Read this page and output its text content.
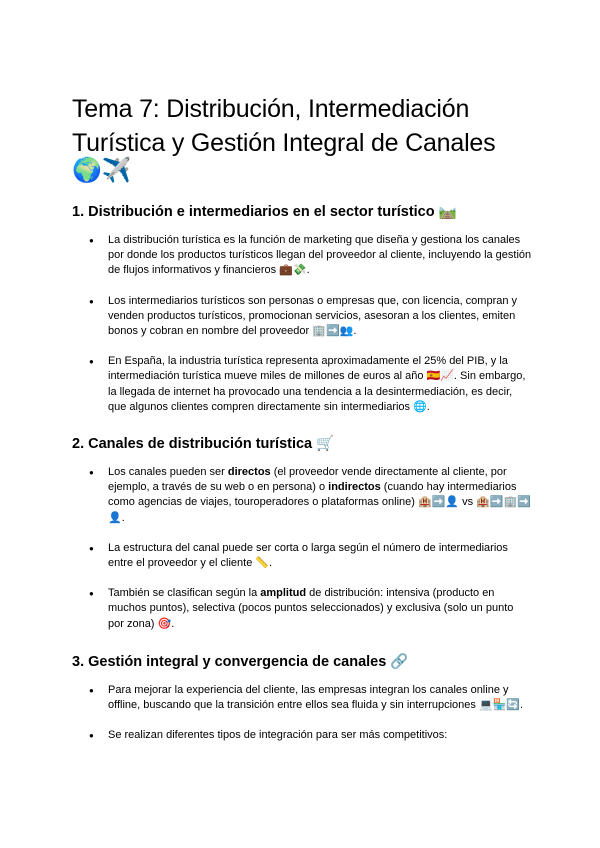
Tema 7: Distribución, Intermediación
Turística y Gestión Integral de Canales
🌍✈️
1. Distribución e intermediarios en el sector turístico 🛤️
● La distribución turística es la función de marketing que diseña y gestiona los canales por donde los productos turísticos llegan del proveedor al cliente, incluyendo la gestión de flujos informativos y financieros 💼💸.
● Los intermediarios turísticos son personas o empresas que, con licencia, compran y venden productos turísticos, promocionan servicios, asesoran a los clientes, emiten bonos y cobran en nombre del proveedor 🏢➡️👥.
● En España, la industria turística representa aproximadamente el 25% del PIB, y la intermediación turística mueve miles de millones de euros al año 🇪🇸📈. Sin embargo, la llegada de internet ha provocado una tendencia a la desintermediación, es decir, que algunos clientes compren directamente sin intermediarios 🌐.
2. Canales de distribución turística 🛒
● Los canales pueden ser directos (el proveedor vende directamente al cliente, por ejemplo, a través de su web o en persona) o indirectos (cuando hay intermediarios como agencias de viajes, touroperadores o plataformas online) 🏨➡️👤 vs 🏨➡️🏢➡️👤.
● La estructura del canal puede ser corta o larga según el número de intermediarios entre el proveedor y el cliente 📏.
● También se clasifican según la amplitud de distribución: intensiva (producto en muchos puntos), selectiva (pocos puntos seleccionados) y exclusiva (solo un punto por zona) 🎯.
3. Gestión integral y convergencia de canales 🔗
● Para mejorar la experiencia del cliente, las empresas integran los canales online y offline, buscando que la transición entre ellos sea fluida y sin interrupciones 💻🏪🔄.
● Se realizan diferentes tipos de integración para ser más competitivos:
